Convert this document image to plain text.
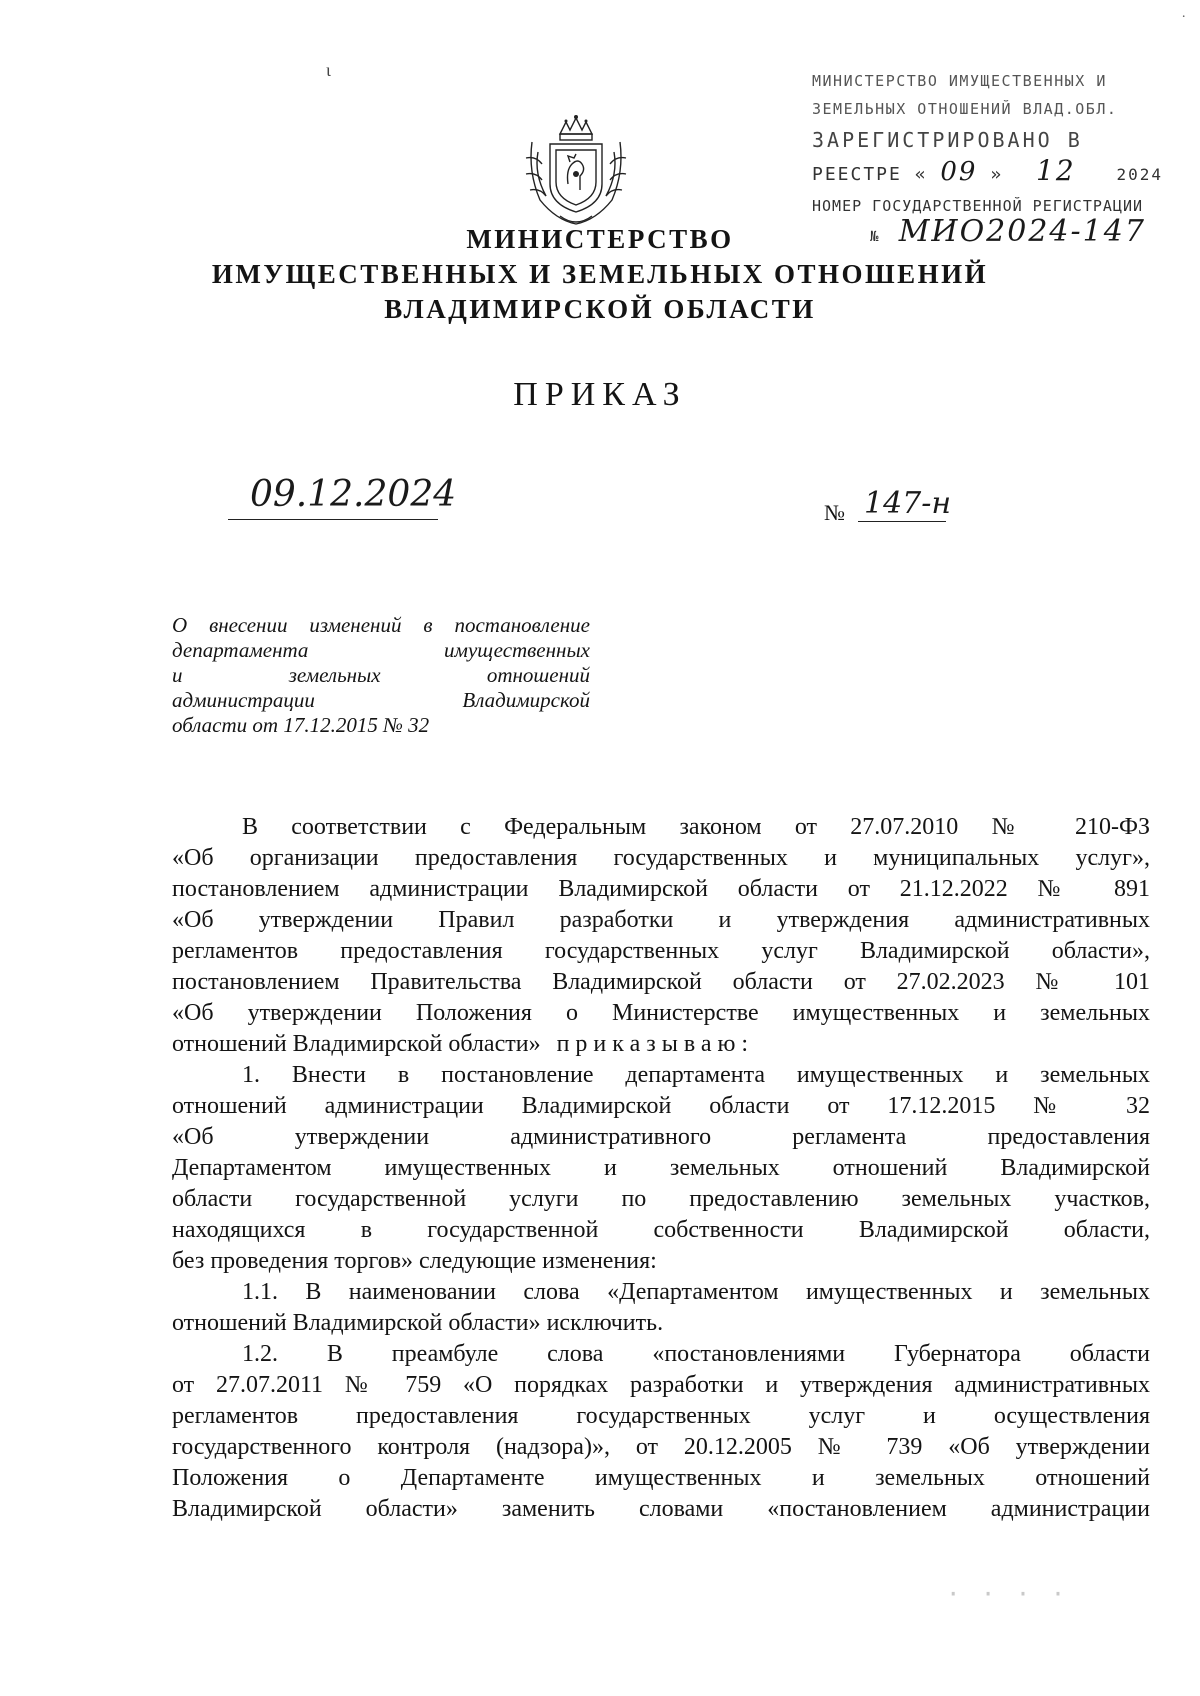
·
ι
МИНИСТЕРСТВО ИМУЩЕСТВЕННЫХ И
ЗЕМЕЛЬНЫХ ОТНОШЕНИЙ ВЛАД.ОБЛ.
ЗАРЕГИСТРИРОВАНО В
РЕЕСТРЕ « 09 » 12	2024
НОМЕР ГОСУДАРСТВЕННОЙ РЕГИСТРАЦИИ
№ МИО2024-147
МИНИСТЕРСТВО
ИМУЩЕСТВЕННЫХ И ЗЕМЕЛЬНЫХ ОТНОШЕНИЙ
ВЛАДИМИРСКОЙ ОБЛАСТИ
ПРИКАЗ
09.12.2024	№ 147-н
О внесении изменений в постановление
департамента имущественных
и земельных отношений
администрации Владимирской
области от 17.12.2015 № 32
В соответствии с Федеральным законом от 27.07.2010 № 210-ФЗ
«Об организации предоставления государственных и муниципальных услуг»,
постановлением администрации Владимирской области от 21.12.2022 № 891
«Об утверждении Правил разработки и утверждения административных
регламентов предоставления государственных услуг Владимирской области»,
постановлением Правительства Владимирской области от 27.02.2023 № 101
«Об утверждении Положения о Министерстве имущественных и земельных
отношений Владимирской области» приказываю:
1. Внести в постановление департамента имущественных и земельных
отношений администрации Владимирской области от 17.12.2015 № 32
«Об утверждении административного регламента предоставления
Департаментом имущественных и земельных отношений Владимирской
области государственной услуги по предоставлению земельных участков,
находящихся в государственной собственности Владимирской области,
без проведения торгов» следующие изменения:
1.1. В наименовании слова «Департаментом имущественных и земельных
отношений Владимирской области» исключить.
1.2. В преамбуле слова «постановлениями Губернатора области
от 27.07.2011 № 759 «О порядках разработки и утверждения административных
регламентов предоставления государственных услуг и осуществления
государственного контроля (надзора)», от 20.12.2005 № 739 «Об утверждении
Положения о Департаменте имущественных и земельных отношений
Владимирской области» заменить словами «постановлением администрации
· · · ·
